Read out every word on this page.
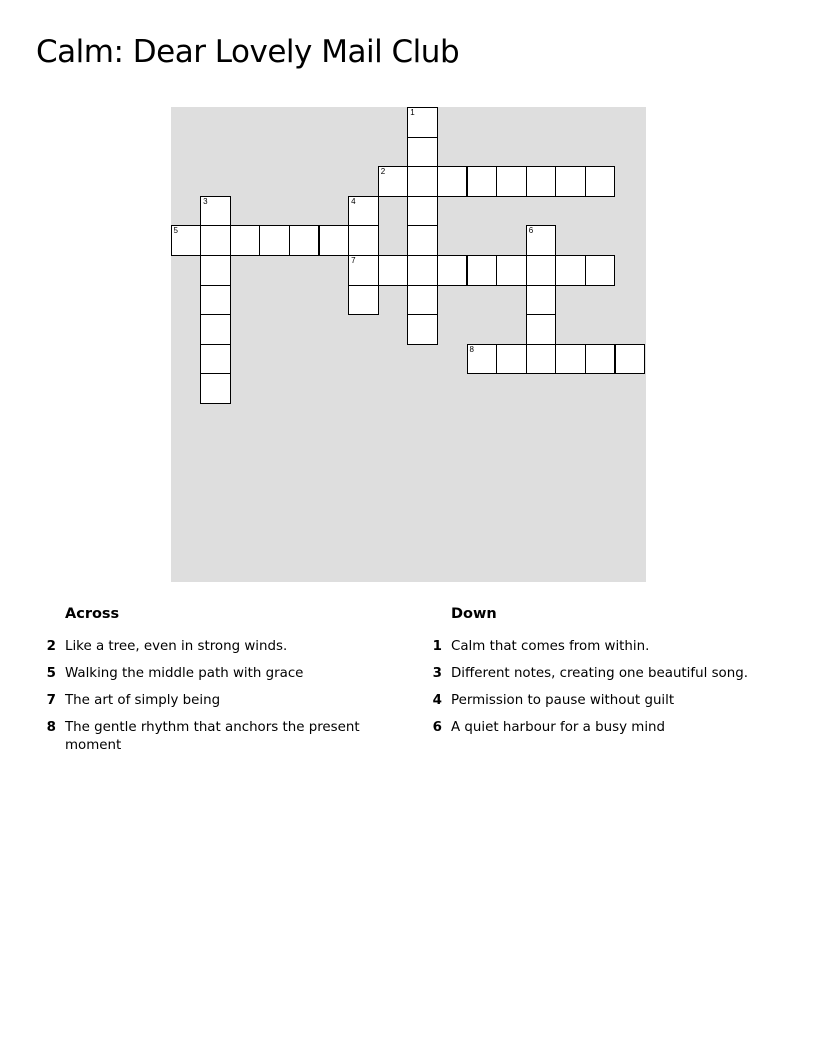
Calm: Dear Lovely Mail Club
1
2
3	4
7
5	6
8
Across
2 Like a tree, even in strong winds.
5 Walking the middle path with grace
7 The art of simply being
8 The gentle rhythm that anchors the present moment
Down
1 Calm that comes from within.
3 Different notes, creating one beautiful song.
4 Permission to pause without guilt
6 A quiet harbour for a busy mind
